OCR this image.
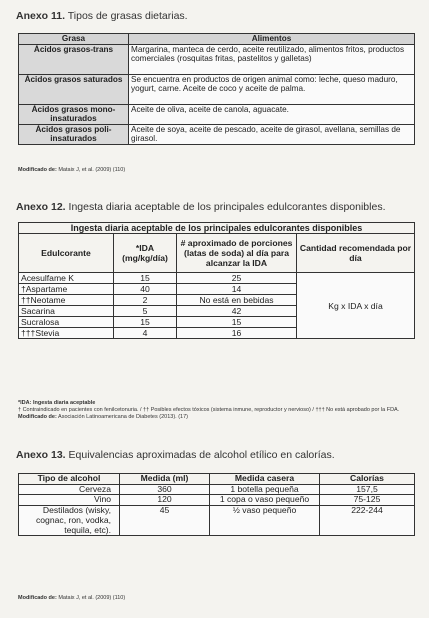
Anexo 11. Tipos de grasas dietarias.

Grasa	Alimentos
Ácidos grasos-trans	Margarina, manteca de cerdo, aceite reutilizado, alimentos fritos, productos comerciales (rosquitas fritas, pastelitos y galletas)
Ácidos grasos saturados	Se encuentra en productos de origen animal como: leche, queso maduro, yogurt, carne. Aceite de coco y aceite de palma.
Ácidos grasos mono-insaturados	Aceite de oliva, aceite de canola, aguacate.
Ácidos grasos poli-insaturados	Aceite de soya, aceite de pescado, aceite de girasol, avellana, semillas de girasol.
Modificado de: Mataix J, et al. (2009) (110)

Anexo 12. Ingesta diaria aceptable de los principales edulcorantes disponibles.

Ingesta diaria aceptable de los principales edulcorantes disponibles			
Edulcorante	*IDA (mg/kg/día)	# aproximado de porciones (latas de soda) al día para alcanzar la IDA	Cantidad recomendada por día
Acesulfame K	15	25	Kg x IDA x día
†Aspartame	40	14	
††Neotame	2	No está en bebidas	
Sacarina	5	42	
Sucralosa	15	15	
†††Stevia	4	16	
*IDA: Ingesta diaria aceptable
† Contraindicado en pacientes con fenilcetonuria. / †† Posibles efectos tóxicos (sistema inmune, reproductor y nervioso) / ††† No está aprobado por la FDA.
Modificado de: Asociación Latinoamericana de Diabetes (2013). (17)

Anexo 13. Equivalencias aproximadas de alcohol etílico en calorías.

Tipo de alcohol	Medida (ml)	Medida casera	Calorías
Cerveza	360	1 botella pequeña	157,5
Vino	120	1 copa o vaso pequeño	75-125
Destilados (wisky, cognac, ron, vodka, tequila, etc).	45	½ vaso pequeño	222-244
Modificado de: Mataix J, et al. (2009) (110)
